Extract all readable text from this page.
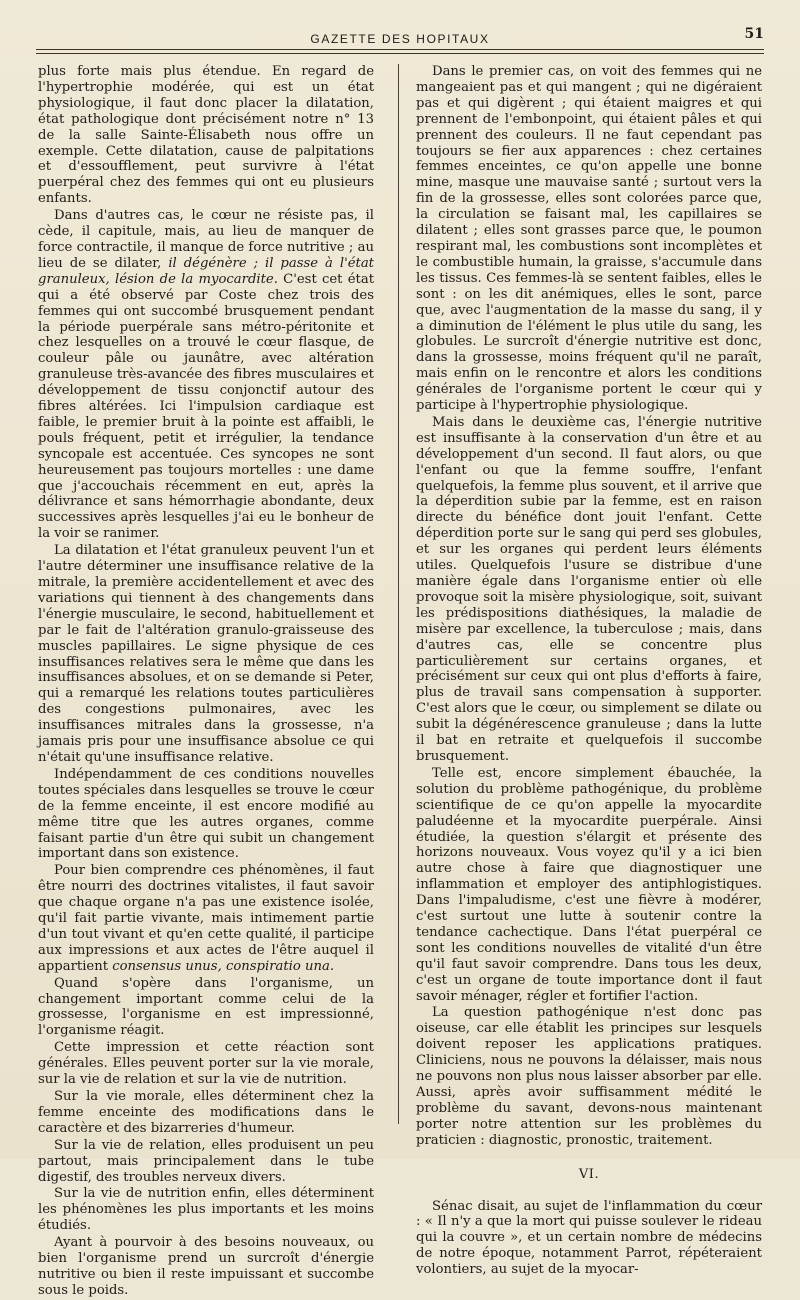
GAZETTE DES HOPITAUX	51

plus forte mais plus étendue. En regard de l'hypertrophie modérée, qui est un état physiologique, il faut donc placer la dilatation, état pathologique dont précisément notre n° 13 de la salle Sainte-Élisabeth nous offre un exemple. Cette dilatation, cause de palpitations et d'essoufflement, peut survivre à l'état puerpéral chez des femmes qui ont eu plusieurs enfants.

Dans d'autres cas, le cœur ne résiste pas, il cède, il capitule, mais, au lieu de manquer de force contractile, il manque de force nutritive ; au lieu de se dilater, il dégénère ; il passe à l'état granuleux, lésion de la myocardite. C'est cet état qui a été observé par Coste chez trois des femmes qui ont succombé brusquement pendant la période puerpérale sans métro-péritonite et chez lesquelles on a trouvé le cœur flasque, de couleur pâle ou jaunâtre, avec altération granuleuse très-avancée des fibres musculaires et développement de tissu conjonctif autour des fibres altérées. Ici l'impulsion cardiaque est faible, le premier bruit à la pointe est affaibli, le pouls fréquent, petit et irrégulier, la tendance syncopale est accentuée. Ces syncopes ne sont heureusement pas toujours mortelles : une dame que j'accouchais récemment en eut, après la délivrance et sans hémorrhagie abondante, deux successives après lesquelles j'ai eu le bonheur de la voir se ranimer.

La dilatation et l'état granuleux peuvent l'un et l'autre déterminer une insuffisance relative de la mitrale, la première accidentellement et avec des variations qui tiennent à des changements dans l'énergie musculaire, le second, habituellement et par le fait de l'altération granulo-graisseuse des muscles papillaires. Le signe physique de ces insuffisances relatives sera le même que dans les insuffisances absolues, et on se demande si Peter, qui a remarqué les relations toutes particulières des congestions pulmonaires, avec les insuffisances mitrales dans la grossesse, n'a jamais pris pour une insuffisance absolue ce qui n'était qu'une insuffisance relative.

Indépendamment de ces conditions nouvelles toutes spéciales dans lesquelles se trouve le cœur de la femme enceinte, il est encore modifié au même titre que les autres organes, comme faisant partie d'un être qui subit un changement important dans son existence.

Pour bien comprendre ces phénomènes, il faut être nourri des doctrines vitalistes, il faut savoir que chaque organe n'a pas une existence isolée, qu'il fait partie vivante, mais intimement partie d'un tout vivant et qu'en cette qualité, il participe aux impressions et aux actes de l'être auquel il appartient consensus unus, conspiratio una.

Quand s'opère dans l'organisme, un changement important comme celui de la grossesse, l'organisme en est impressionné, l'organisme réagit.

Cette impression et cette réaction sont générales. Elles peuvent porter sur la vie morale, sur la vie de relation et sur la vie de nutrition.

Sur la vie morale, elles déterminent chez la femme enceinte des modifications dans le caractère et des bizarreries d'humeur.

Sur la vie de relation, elles produisent un peu partout, mais principalement dans le tube digestif, des troubles nerveux divers.

Sur la vie de nutrition enfin, elles déterminent les phénomènes les plus importants et les moins étudiés.

Ayant à pourvoir à des besoins nouveaux, ou bien l'organisme prend un surcroît d'énergie nutritive ou bien il reste impuissant et succombe sous le poids.

Dans le premier cas, on voit des femmes qui ne mangeaient pas et qui mangent ; qui ne digéraient pas et qui digèrent ; qui étaient maigres et qui prennent de l'embonpoint, qui étaient pâles et qui prennent des couleurs. Il ne faut cependant pas toujours se fier aux apparences : chez certaines femmes enceintes, ce qu'on appelle une bonne mine, masque une mauvaise santé ; surtout vers la fin de la grossesse, elles sont colorées parce que, la circulation se faisant mal, les capillaires se dilatent ; elles sont grasses parce que, le poumon respirant mal, les combustions sont incomplètes et le combustible humain, la graisse, s'accumule dans les tissus. Ces femmes-là se sentent faibles, elles le sont : on les dit anémiques, elles le sont, parce que, avec l'augmentation de la masse du sang, il y a diminution de l'élément le plus utile du sang, les globules. Le surcroît d'énergie nutritive est donc, dans la grossesse, moins fréquent qu'il ne paraît, mais enfin on le rencontre et alors les conditions générales de l'organisme portent le cœur qui y participe à l'hypertrophie physiologique.

Mais dans le deuxième cas, l'énergie nutritive est insuffisante à la conservation d'un être et au développement d'un second. Il faut alors, ou que l'enfant ou que la femme souffre, l'enfant quelquefois, la femme plus souvent, et il arrive que la déperdition subie par la femme, est en raison directe du bénéfice dont jouit l'enfant. Cette déperdition porte sur le sang qui perd ses globules, et sur les organes qui perdent leurs éléments utiles. Quelquefois l'usure se distribue d'une manière égale dans l'organisme entier où elle provoque soit la misère physiologique, soit, suivant les prédispositions diathésiques, la maladie de misère par excellence, la tuberculose ; mais, dans d'autres cas, elle se concentre plus particulièrement sur certains organes, et précisément sur ceux qui ont plus d'efforts à faire, plus de travail sans compensation à supporter. C'est alors que le cœur, ou simplement se dilate ou subit la dégénérescence granuleuse ; dans la lutte il bat en retraite et quelquefois il succombe brusquement.

Telle est, encore simplement ébauchée, la solution du problème pathogénique, du problème scientifique de ce qu'on appelle la myocardite paludéenne et la myocardite puerpérale. Ainsi étudiée, la question s'élargit et présente des horizons nouveaux. Vous voyez qu'il y a ici bien autre chose à faire que diagnostiquer une inflammation et employer des antiphlogistiques. Dans l'impaludisme, c'est une fièvre à modérer, c'est surtout une lutte à soutenir contre la tendance cachectique. Dans l'état puerpéral ce sont les conditions nouvelles de vitalité d'un être qu'il faut savoir comprendre. Dans tous les deux, c'est un organe de toute importance dont il faut savoir ménager, régler et fortifier l'action.

La question pathogénique n'est donc pas oiseuse, car elle établit les principes sur lesquels doivent reposer les applications pratiques. Cliniciens, nous ne pouvons la délaisser, mais nous ne pouvons non plus nous laisser absorber par elle. Aussi, après avoir suffisamment médité le problème du savant, devons-nous maintenant porter notre attention sur les problèmes du praticien : diagnostic, pronostic, traitement.

VI.

Sénac disait, au sujet de l'inflammation du cœur : « Il n'y a que la mort qui puisse soulever le rideau qui la couvre », et un certain nombre de médecins de notre époque, notamment Parrot, répéteraient volontiers, au sujet de la myocar-
